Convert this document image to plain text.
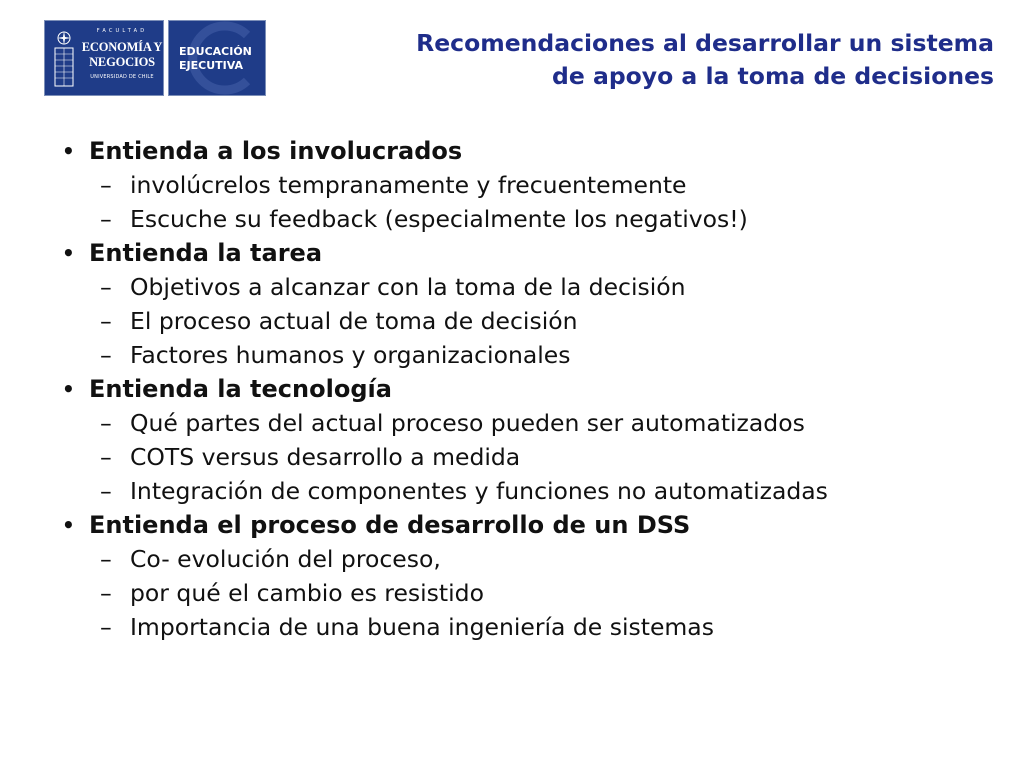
FACULTAD
ECONOMÍA Y
NEGOCIOS
UNIVERSIDAD DE CHILE
EDUCACIÓN
EJECUTIVA
Recomendaciones al desarrollar un sistema
de apoyo a la toma de decisiones
• Entienda a los involucrados
– involúcrelos tempranamente y frecuentemente
– Escuche su feedback (especialmente los negativos!)
• Entienda la tarea
– Objetivos a alcanzar con la toma de la decisión
– El proceso actual de toma de decisión
– Factores humanos y organizacionales
• Entienda la tecnología
– Qué partes del actual proceso pueden ser automatizados
– COTS versus desarrollo a medida
– Integración de componentes y funciones no automatizadas
• Entienda el proceso de desarrollo de un DSS
– Co- evolución del proceso,
– por qué el cambio es resistido
– Importancia de una buena ingeniería de sistemas
